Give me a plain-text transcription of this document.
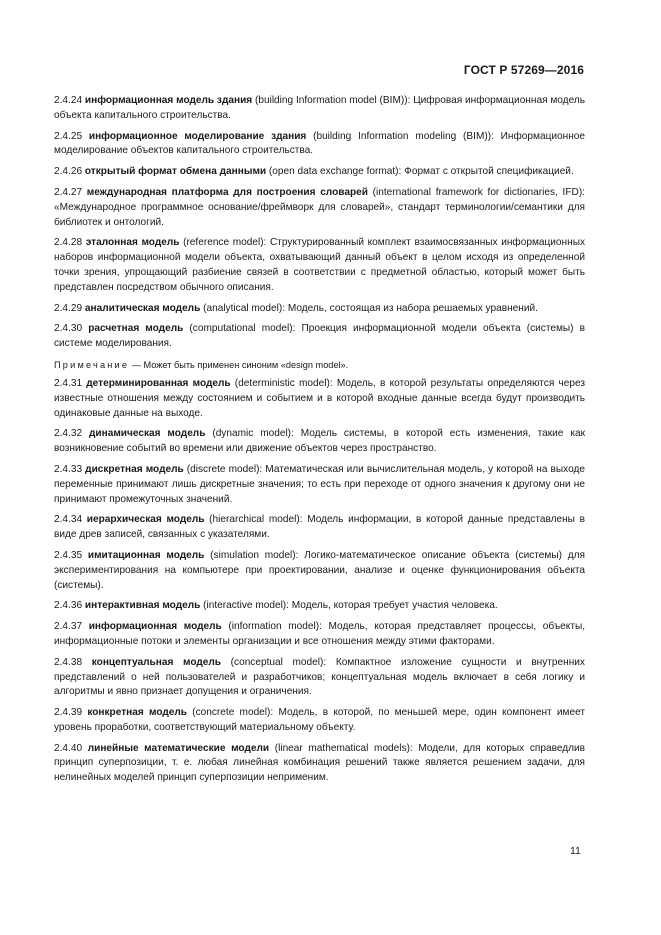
ГОСТ Р 57269—2016

2.4.24 информационная модель здания (building Information model (BIM)): Цифровая информационная модель объекта капитального строительства.

2.4.25 информационное моделирование здания (building Information modeling (BIM)): Информационное моделирование объектов капитального строительства.

2.4.26 открытый формат обмена данными (open data exchange format): Формат с открытой спецификацией.

2.4.27 международная платформа для построения словарей (international framework for dictionaries, IFD): «Международное программное основание/фреймворк для словарей», стандарт терминологии/семантики для библиотек и онтологий.

2.4.28 эталонная модель (reference model): Структурированный комплект взаимосвязанных информационных наборов информационной модели объекта, охватывающий данный объект в целом исходя из определенной точки зрения, упрощающий разбиение связей в соответствии с предметной областью, который может быть представлен посредством обычного описания.

2.4.29 аналитическая модель (analytical model): Модель, состоящая из набора решаемых уравнений.

2.4.30 расчетная модель (computational model): Проекция информационной модели объекта (системы) в системе моделирования.

Примечание — Может быть применен синоним «design model».

2.4.31 детерминированная модель (deterministic model): Модель, в которой результаты определяются через известные отношения между состоянием и событием и в которой входные данные всегда будут производить одинаковые данные на выходе.

2.4.32 динамическая модель (dynamic model): Модель системы, в которой есть изменения, такие как возникновение событий во времени или движение объектов через пространство.

2.4.33 дискретная модель (discrete model): Математическая или вычислительная модель, у которой на выходе переменные принимают лишь дискретные значения; то есть при переходе от одного значения к другому они не принимают промежуточных значений.

2.4.34 иерархическая модель (hierarchical model): Модель информации, в которой данные представлены в виде древ записей, связанных с указателями.

2.4.35 имитационная модель (simulation model): Логико-математическое описание объекта (системы) для экспериментирования на компьютере при проектировании, анализе и оценке функционирования объекта (системы).

2.4.36 интерактивная модель (interactive model): Модель, которая требует участия человека.

2.4.37 информационная модель (information model): Модель, которая представляет процессы, объекты, информационные потоки и элементы организации и все отношения между этими факторами.

2.4.38 концептуальная модель (conceptual model): Компактное изложение сущности и внутренних представлений о ней пользователей и разработчиков; концептуальная модель включает в себя логику и алгоритмы и явно признает допущения и ограничения.

2.4.39 конкретная модель (concrete model): Модель, в которой, по меньшей мере, один компонент имеет уровень проработки, соответствующий материальному объекту.

2.4.40 линейные математические модели (linear mathematical models): Модели, для которых справедлив принцип суперпозиции, т. е. любая линейная комбинация решений также является решением задачи, для нелинейных моделей принцип суперпозиции неприменим.

11
